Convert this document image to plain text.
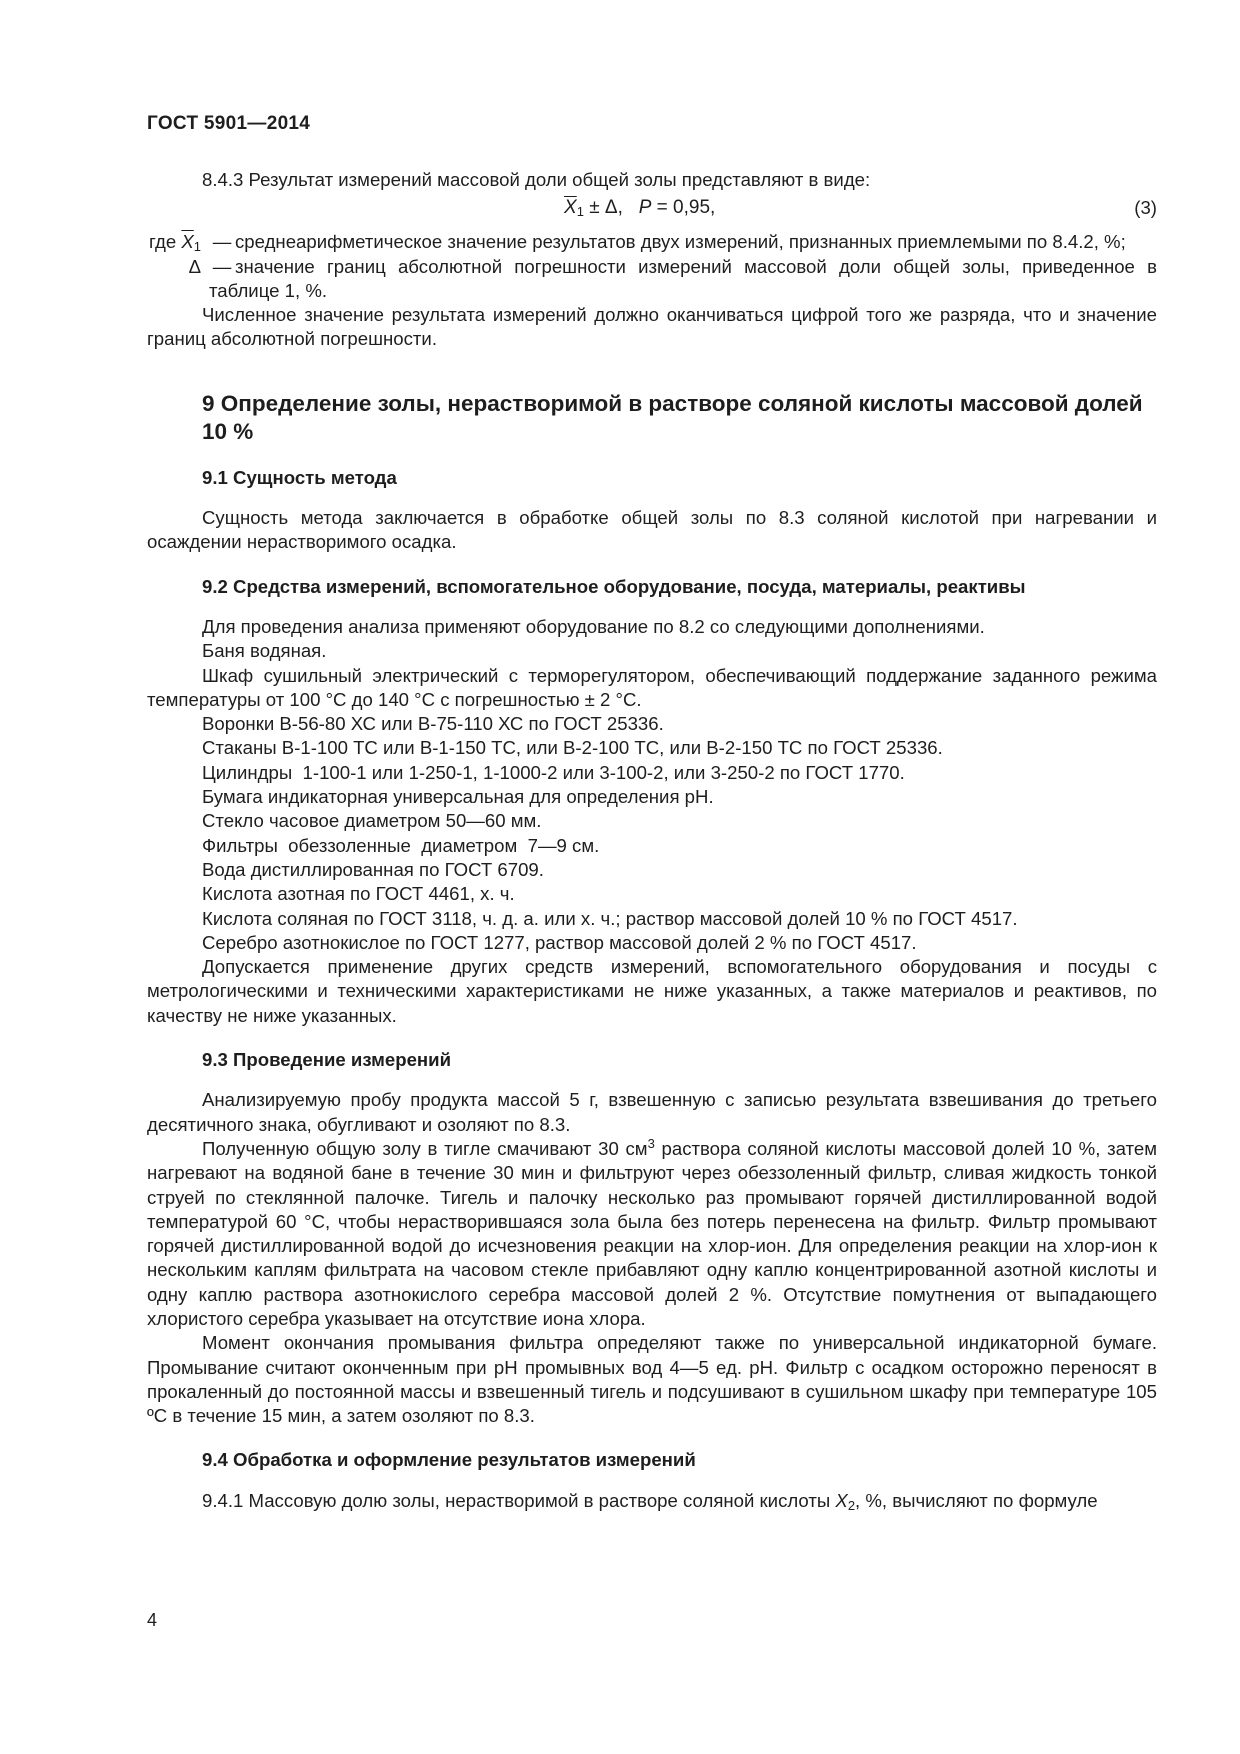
ГОСТ 5901—2014

8.4.3 Результат измерений массовой доли общей золы представляют в виде:

$\overline{X}_1 \pm \Delta$,   P = 0,95,	(3)
где $\overline{X}_1$ — среднеарифметическое значение результатов двух измерений, признанных приемлемыми по 8.4.2, %;
Δ — значение границ абсолютной погрешности измерений массовой доли общей золы, приведенное в таблице 1, %.

Численное значение результата измерений должно оканчиваться цифрой того же разряда, что и значение границ абсолютной погрешности.

9 Определение золы, нерастворимой в растворе соляной кислоты массовой долей 10 %
9.1 Сущность метода

Сущность метода заключается в обработке общей золы по 8.3 соляной кислотой при нагревании и осаждении нерастворимого осадка.

9.2 Средства измерений, вспомогательное оборудование, посуда, материалы, реактивы

Для проведения анализа применяют оборудование по 8.2 со следующими дополнениями.

Баня водяная.

Шкаф сушильный электрический с терморегулятором, обеспечивающий поддержание заданного режима температуры от 100 °С до 140 °С с погрешностью ± 2 °С.

Воронки В-56-80 ХС или В-75-110 ХС по ГОСТ 25336.

Стаканы В-1-100 ТС или В-1-150 ТС, или В-2-100 ТС, или В-2-150 ТС по ГОСТ 25336.

Цилиндры  1-100-1 или 1-250-1, 1-1000-2 или 3-100-2, или 3-250-2 по ГОСТ 1770.

Бумага индикаторная универсальная для определения pH.

Стекло часовое диаметром 50—60 мм.

Фильтры  обеззоленные  диаметром  7—9 см.

Вода дистиллированная по ГОСТ 6709.

Кислота азотная по ГОСТ 4461, х. ч.

Кислота соляная по ГОСТ 3118, ч. д. а. или х. ч.; раствор массовой долей 10 % по ГОСТ 4517.

Серебро азотнокислое по ГОСТ 1277, раствор массовой долей 2 % по ГОСТ 4517.

Допускается применение других средств измерений, вспомогательного оборудования и посуды с метрологическими и техническими характеристиками не ниже указанных, а также материалов и реактивов, по качеству не ниже указанных.

9.3 Проведение измерений

Анализируемую пробу продукта массой 5 г, взвешенную с записью результата взвешивания до третьего десятичного знака, обугливают и озоляют по 8.3.

Полученную общую золу в тигле смачивают 30 $см^3$ раствора соляной кислоты массовой долей 10 %, затем нагревают на водяной бане в течение 30 мин и фильтруют через обеззоленный фильтр, сливая жидкость тонкой струей по стеклянной палочке. Тигель и палочку несколько раз промывают горячей дистиллированной водой температурой 60 °С, чтобы нерастворившаяся зола была без потерь перенесена на фильтр. Фильтр промывают горячей дистиллированной водой до исчезновения реакции на хлор-ион. Для определения реакции на хлор-ион к нескольким каплям фильтрата на часовом стекле прибавляют одну каплю концентрированной азотной кислоты и одну каплю раствора азотнокислого серебра массовой долей 2 %. Отсутствие помутнения от выпадающего хлористого серебра указывает на отсутствие иона хлора.

Момент окончания промывания фильтра определяют также по универсальной индикаторной бумаге. Промывание считают оконченным при pH промывных вод 4—5 ед. pH. Фильтр с осадком осторожно переносят в прокаленный до постоянной массы и взвешенный тигель и подсушивают в сушильном шкафу при температуре 105 ºС в течение 15 мин, а затем озоляют по 8.3.

9.4 Обработка и оформление результатов измерений

9.4.1 Массовую долю золы, нерастворимой в растворе соляной кислоты $X_2$, %, вычисляют по формуле

4
